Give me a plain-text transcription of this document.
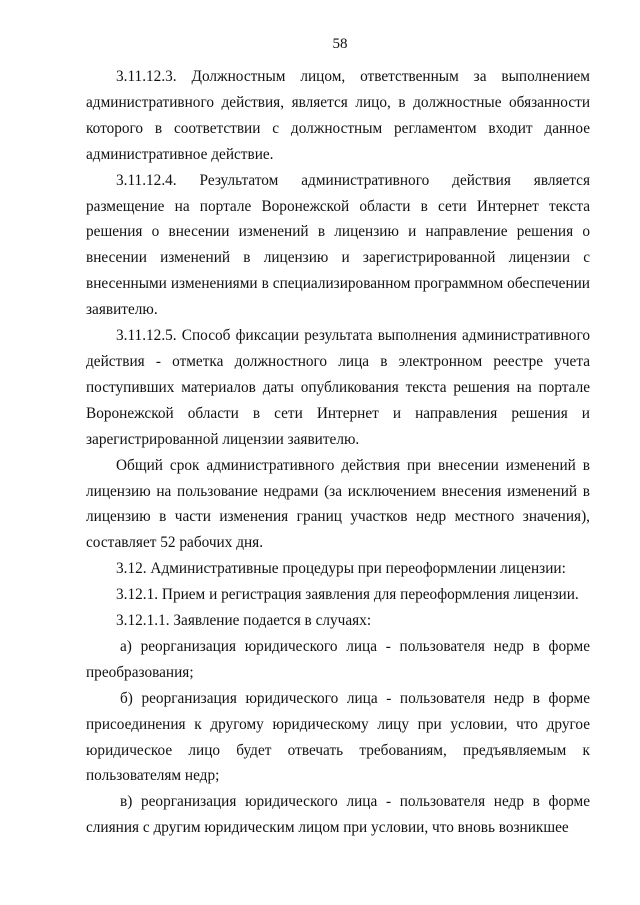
58

3.11.12.3. Должностным лицом, ответственным за выполнением административного действия, является лицо, в должностные обязанности которого в соответствии с должностным регламентом входит данное административное действие.

3.11.12.4. Результатом административного действия является размещение на портале Воронежской области в сети Интернет текста решения о внесении изменений в лицензию и направление решения о внесении изменений в лицензию и зарегистрированной лицензии с внесенными изменениями в специализированном программном обеспечении заявителю.

3.11.12.5. Способ фиксации результата выполнения административного действия - отметка должностного лица в электронном реестре учета поступивших материалов даты опубликования текста решения на портале Воронежской области в сети Интернет и направления решения и зарегистрированной лицензии заявителю.

Общий срок административного действия при внесении изменений в лицензию на пользование недрами (за исключением внесения изменений в лицензию в части изменения границ участков недр местного значения), составляет 52 рабочих дня.

3.12. Административные процедуры при переоформлении лицензии:

3.12.1. Прием и регистрация заявления для переоформления лицензии.

3.12.1.1. Заявление подается в случаях:

а) реорганизация юридического лица - пользователя недр в форме преобразования;

б) реорганизация юридического лица - пользователя недр в форме присоединения к другому юридическому лицу при условии, что другое юридическое лицо будет отвечать требованиям, предъявляемым к пользователям недр;

в) реорганизация юридического лица - пользователя недр в форме слияния с другим юридическим лицом при условии, что вновь возникшее
